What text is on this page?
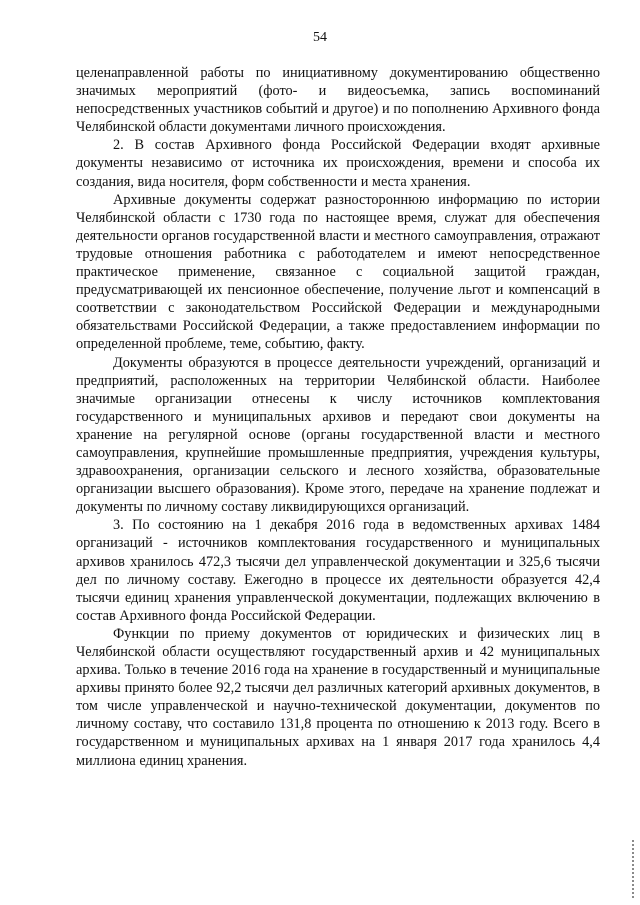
54

целенаправленной работы по инициативному документированию общественно значимых мероприятий (фото- и видеосъемка, запись воспоминаний непосредственных участников событий и другое) и по пополнению Архивного фонда Челябинской области документами личного происхождения.

2. В состав Архивного фонда Российской Федерации входят архивные документы независимо от источника их происхождения, времени и способа их создания, вида носителя, форм собственности и места хранения.

Архивные документы содержат разностороннюю информацию по истории Челябинской области с 1730 года по настоящее время, служат для обеспечения деятельности органов государственной власти и местного самоуправления, отражают трудовые отношения работника с работодателем и имеют непосредственное практическое применение, связанное с социальной защитой граждан, предусматривающей их пенсионное обеспечение, получение льгот и компенсаций в соответствии с законодательством Российской Федерации и международными обязательствами Российской Федерации, а также предоставлением информации по определенной проблеме, теме, событию, факту.

Документы образуются в процессе деятельности учреждений, организаций и предприятий, расположенных на территории Челябинской области. Наиболее значимые организации отнесены к числу источников комплектования государственного и муниципальных архивов и передают свои документы на хранение на регулярной основе (органы государственной власти и местного самоуправления, крупнейшие промышленные предприятия, учреждения культуры, здравоохранения, организации сельского и лесного хозяйства, образовательные организации высшего образования). Кроме этого, передаче на хранение подлежат и документы по личному составу ликвидирующихся организаций.

3. По состоянию на 1 декабря 2016 года в ведомственных архивах 1484 организаций - источников комплектования государственного и муниципальных архивов хранилось 472,3 тысячи дел управленческой документации и 325,6 тысячи дел по личному составу. Ежегодно в процессе их деятельности образуется 42,4 тысячи единиц хранения управленческой документации, подлежащих включению в состав Архивного фонда Российской Федерации.

Функции по приему документов от юридических и физических лиц в Челябинской области осуществляют государственный архив и 42 муниципальных архива. Только в течение 2016 года на хранение в государственный и муниципальные архивы принято более 92,2 тысячи дел различных категорий архивных документов, в том числе управленческой и научно-технической документации, документов по личному составу, что составило 131,8 процента по отношению к 2013 году. Всего в государственном и муниципальных архивах на 1 января 2017 года хранилось 4,4 миллиона единиц хранения.
